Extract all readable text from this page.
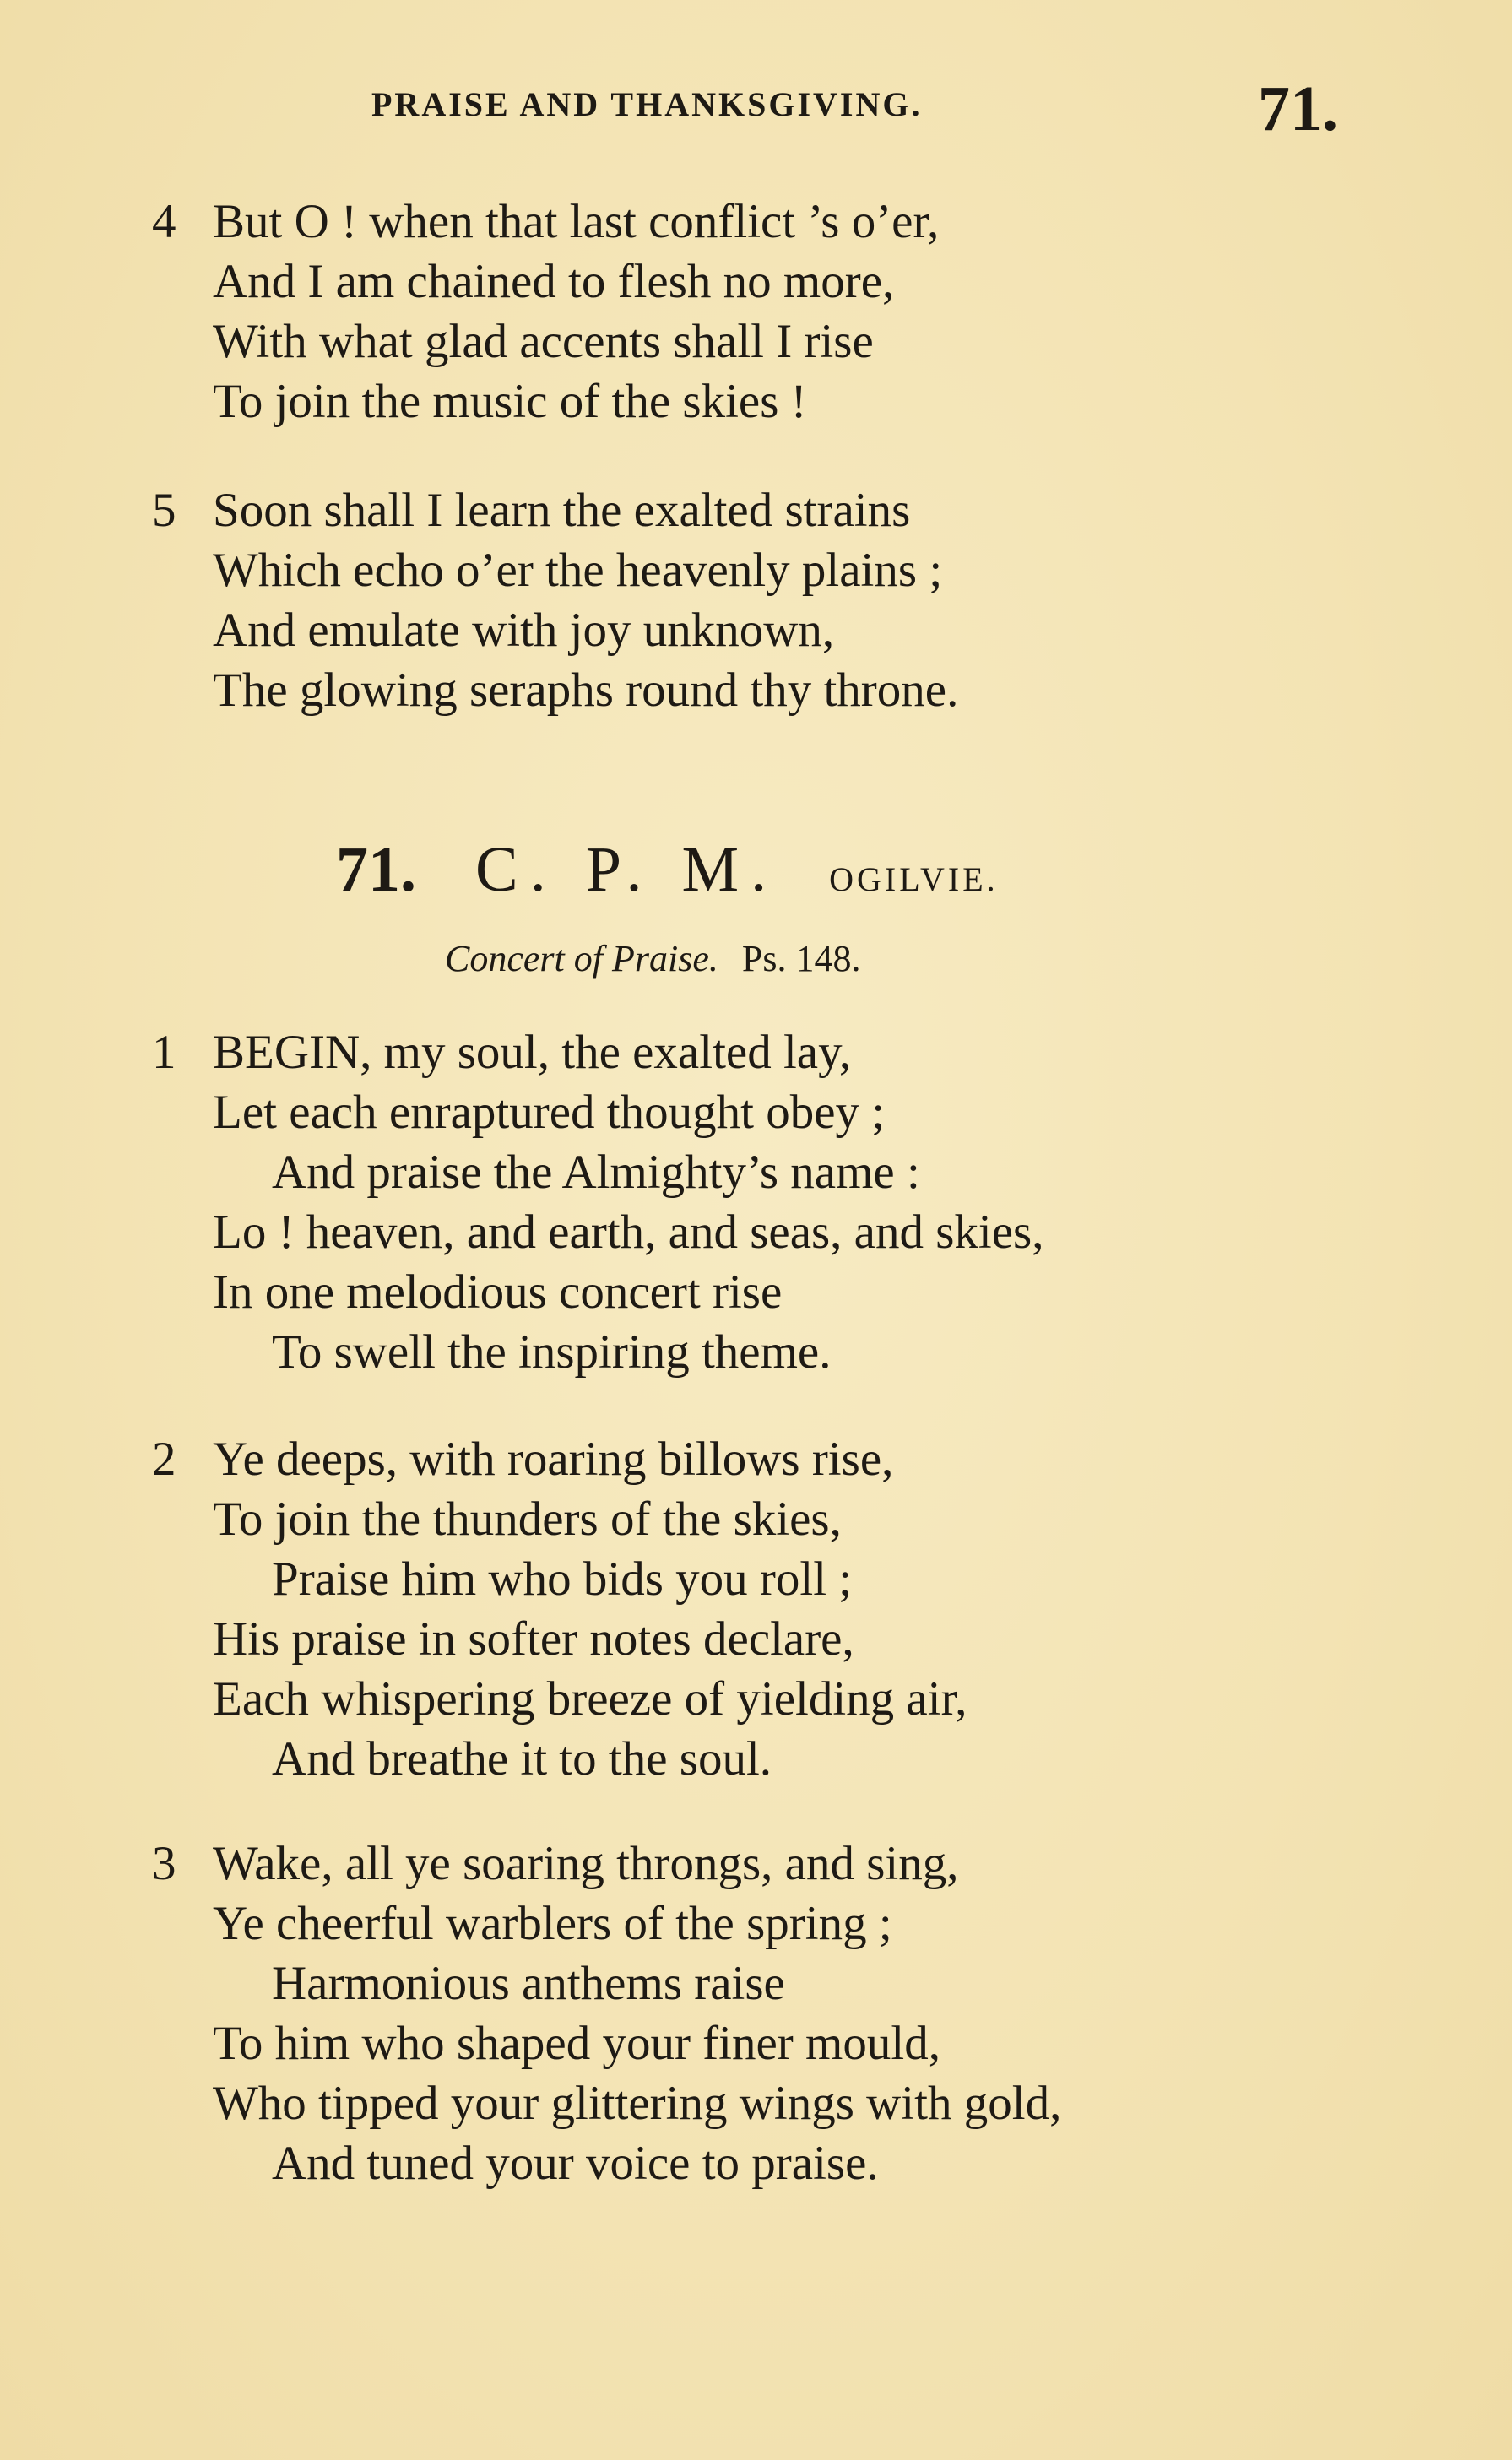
PRAISE AND THANKSGIVING.	71.
4 But O ! when that last conflict ’s o’er,
And I am chained to flesh no more,
With what glad accents shall I rise
To join the music of the skies !
5 Soon shall I learn the exalted strains
Which echo o’er the heavenly plains ;
And emulate with joy unknown,
The glowing seraphs round thy throne.
71. C. P. M. OGILVIE.
Concert of Praise. Ps. 148.
1 BEGIN, my soul, the exalted lay,
Let each enraptured thought obey ;
And praise the Almighty’s name :
Lo ! heaven, and earth, and seas, and skies,
In one melodious concert rise
To swell the inspiring theme.
2 Ye deeps, with roaring billows rise,
To join the thunders of the skies,
Praise him who bids you roll ;
His praise in softer notes declare,
Each whispering breeze of yielding air,
And breathe it to the soul.
3 Wake, all ye soaring throngs, and sing,
Ye cheerful warblers of the spring ;
Harmonious anthems raise
To him who shaped your finer mould,
Who tipped your glittering wings with gold,
And tuned your voice to praise.
